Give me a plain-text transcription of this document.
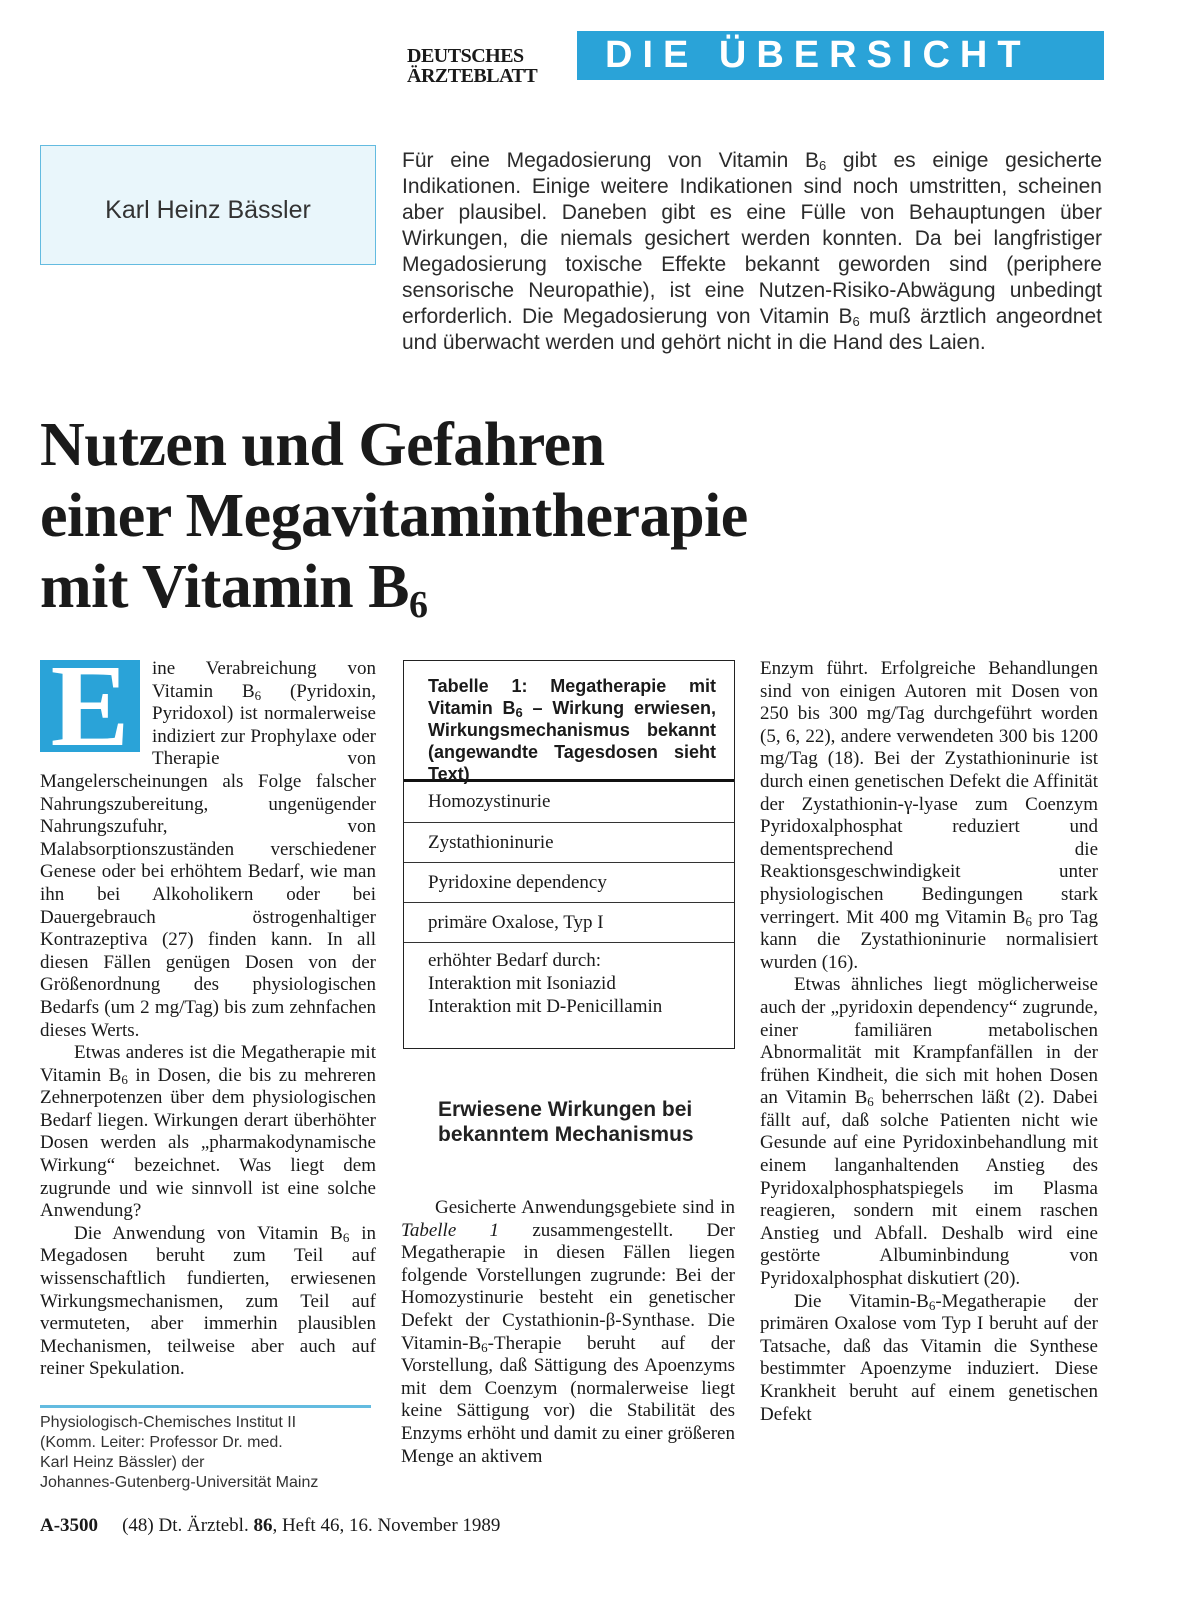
DEUTSCHES
ÄRZTEBLATT	DIE ÜBERSICHT
Karl Heinz Bässler
Für eine Megadosierung von Vitamin $B_6$ gibt es einige gesicherte Indikationen. Einige weitere Indikationen sind noch umstritten, scheinen aber plausibel. Daneben gibt es eine Fülle von Behauptungen über Wirkungen, die niemals gesichert werden konnten. Da bei langfristiger Megadosierung toxische Effekte bekannt geworden sind (periphere sensorische Neuropathie), ist eine Nutzen-Risiko-Abwägung unbedingt erforderlich. Die Megadosierung von Vitamin $B_6$ muß ärztlich angeordnet und überwacht werden und gehört nicht in die Hand des Laien.
Nutzen und Gefahren
einer Megavitamintherapie
mit Vitamin $B_6$
E	ine Verabreichung von Vitamin $B_6$ (Pyridoxin, Pyridoxol) ist normalerweise indiziert zur Prophylaxe oder Therapie von Mangelerscheinungen als Folge falscher Nahrungszubereitung, ungenügender Nahrungszufuhr, von Malabsorptionszuständen verschiedener Genese oder bei erhöhtem Bedarf, wie man ihn bei Alkoholikern oder bei Dauergebrauch östrogenhaltiger Kontrazeptiva (27) finden kann. In all diesen Fällen genügen Dosen von der Größenordnung des physiologischen Bedarfs (um 2 mg/Tag) bis zum zehnfachen dieses Werts.

Etwas anderes ist die Megatherapie mit Vitamin $B_6$ in Dosen, die bis zu mehreren Zehnerpotenzen über dem physiologischen Bedarf liegen. Wirkungen derart überhöhter Dosen werden als „pharmakodynamische Wirkung“ bezeichnet. Was liegt dem zugrunde und wie sinnvoll ist eine solche Anwendung?

Die Anwendung von Vitamin $B_6$ in Megadosen beruht zum Teil auf wissenschaftlich fundierten, erwiesenen Wirkungsmechanismen, zum Teil auf vermuteten, aber immerhin plausiblen Mechanismen, teilweise aber auch auf reiner Spekulation.

Physiologisch-Chemisches Institut II
(Komm. Leiter: Professor Dr. med.
Karl Heinz Bässler) der
Johannes-Gutenberg-Universität Mainz
Tabelle 1: Megatherapie mit Vitamin $B_6$ – Wirkung erwiesen, Wirkungsmechanismus bekannt (angewandte Tagesdosen sieht Text)
Homozystinurie
Zystathioninurie
Pyridoxine dependency
primäre Oxalose, Typ I
erhöhter Bedarf durch:
Interaktion mit Isoniazid
Interaktion mit D-Penicillamin
Erwiesene Wirkungen bei bekanntem Mechanismus

Gesicherte Anwendungsgebiete sind in Tabelle 1 zusammengestellt. Der Megatherapie in diesen Fällen liegen folgende Vorstellungen zugrunde: Bei der Homozystinurie besteht ein genetischer Defekt der Cystathionin-β-Synthase. Die Vitamin-$B_6$-Therapie beruht auf der Vorstellung, daß Sättigung des Apoenzyms mit dem Coenzym (normalerweise liegt keine Sättigung vor) die Stabilität des Enzyms erhöht und damit zu einer größeren Menge an aktivem

Enzym führt. Erfolgreiche Behandlungen sind von einigen Autoren mit Dosen von 250 bis 300 mg/Tag durchgeführt worden (5, 6, 22), andere verwendeten 300 bis 1200 mg/Tag (18). Bei der Zystathioninurie ist durch einen genetischen Defekt die Affinität der Zystathionin-γ-lyase zum Coenzym Pyridoxalphosphat reduziert und dementsprechend die Reaktionsgeschwindigkeit unter physiologischen Bedingungen stark verringert. Mit 400 mg Vitamin $B_6$ pro Tag kann die Zystathioninurie normalisiert wurden (16).

Etwas ähnliches liegt möglicherweise auch der „pyridoxin dependency“ zugrunde, einer familiären metabolischen Abnormalität mit Krampfanfällen in der frühen Kindheit, die sich mit hohen Dosen an Vitamin $B_6$ beherrschen läßt (2). Dabei fällt auf, daß solche Patienten nicht wie Gesunde auf eine Pyridoxinbehandlung mit einem langanhaltenden Anstieg des Pyridoxalphosphatspiegels im Plasma reagieren, sondern mit einem raschen Anstieg und Abfall. Deshalb wird eine gestörte Albuminbindung von Pyridoxalphosphat diskutiert (20).

Die Vitamin-$B_6$-Megatherapie der primären Oxalose vom Typ I beruht auf der Tatsache, daß das Vitamin die Synthese bestimmter Apoenzyme induziert. Diese Krankheit beruht auf einem genetischen Defekt

A-3500 (48) Dt. Ärztebl. 86, Heft 46, 16. November 1989
